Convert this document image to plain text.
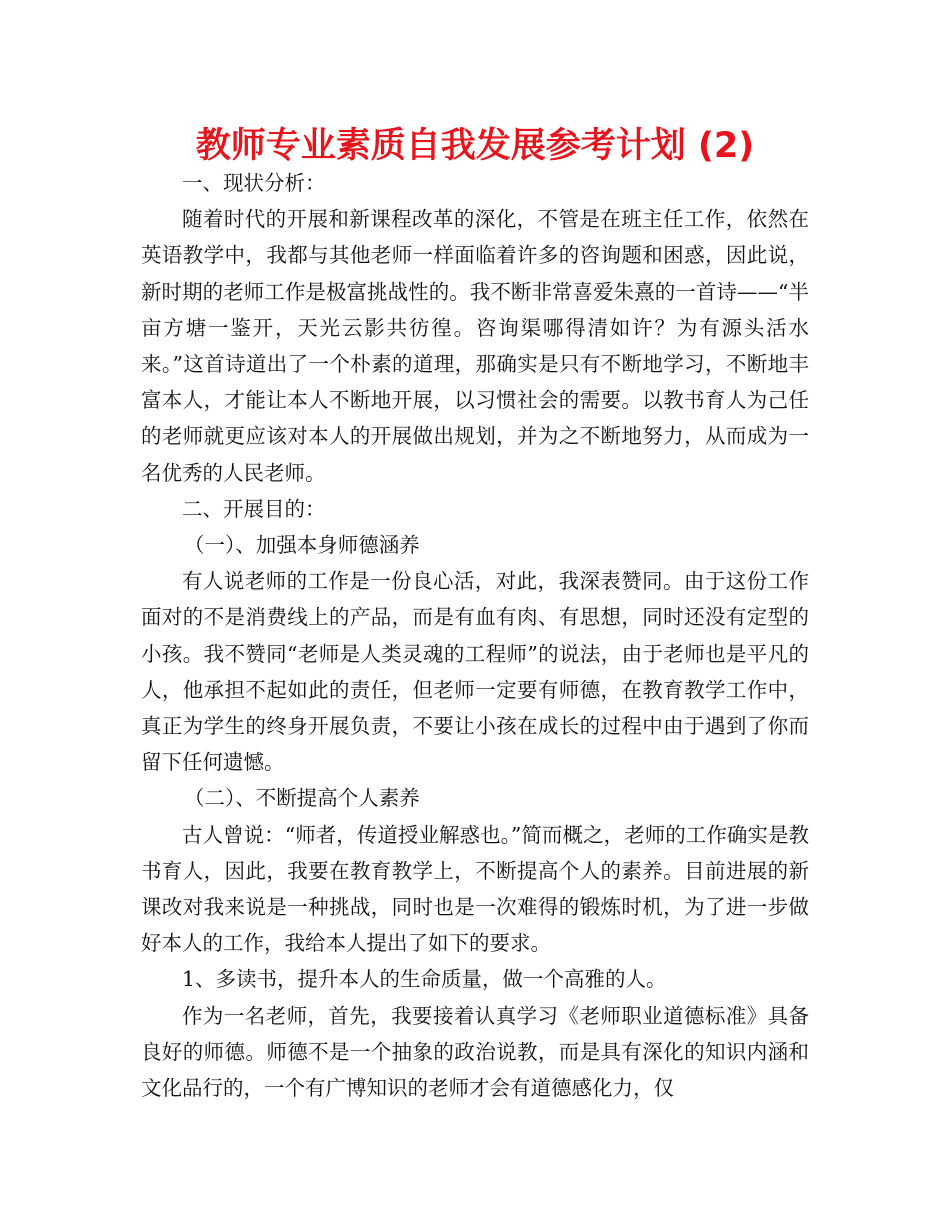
教师专业素质自我发展参考计划 (2)

一、现状分析：

随着时代的开展和新课程改革的深化，不管是在班主任工作，依然在英语教学中，我都与其他老师一样面临着许多的咨询题和困惑，因此说，新时期的老师工作是极富挑战性的。我不断非常喜爱朱熹的一首诗——“半亩方塘一鉴开，天光云影共彷徨。咨询渠哪得清如许？为有源头活水来。”这首诗道出了一个朴素的道理，那确实是只有不断地学习，不断地丰富本人，才能让本人不断地开展，以习惯社会的需要。以教书育人为己任的老师就更应该对本人的开展做出规划，并为之不断地努力，从而成为一名优秀的人民老师。

二、开展目的：

（一）、加强本身师德涵养

有人说老师的工作是一份良心活，对此，我深表赞同。由于这份工作面对的不是消费线上的产品，而是有血有肉、有思想，同时还没有定型的小孩。我不赞同“老师是人类灵魂的工程师”的说法，由于老师也是平凡的人，他承担不起如此的责任，但老师一定要有师德，在教育教学工作中，真正为学生的终身开展负责，不要让小孩在成长的过程中由于遇到了你而留下任何遗憾。

（二）、不断提高个人素养

古人曾说：“师者，传道授业解惑也。”简而概之，老师的工作确实是教书育人，因此，我要在教育教学上，不断提高个人的素养。目前进展的新课改对我来说是一种挑战，同时也是一次难得的锻炼时机，为了进一步做好本人的工作，我给本人提出了如下的要求。

1、多读书，提升本人的生命质量，做一个高雅的人。

作为一名老师，首先，我要接着认真学习《老师职业道德标准》具备良好的师德。师德不是一个抽象的政治说教，而是具有深化的知识内涵和文化品行的，一个有广博知识的老师才会有道德感化力，仅
